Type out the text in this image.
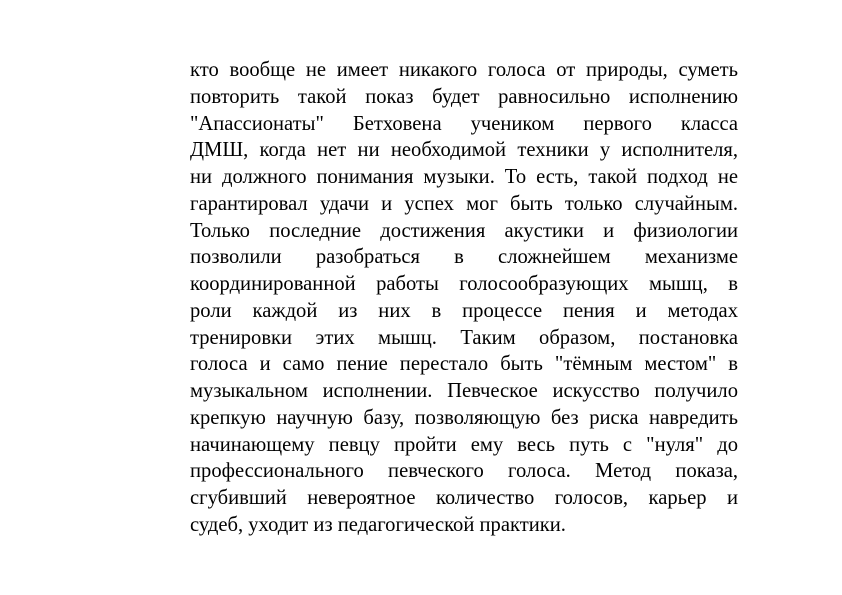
кто вообще не имеет никакого голоса от природы, суметь
повторить такой показ будет равносильно исполнению
"Апассионаты" Бетховена учеником первого класса
ДМШ, когда нет ни необходимой техники у исполнителя,
ни должного понимания музыки. То есть, такой подход не
гарантировал удачи и успех мог быть только случайным.
Только последние достижения акустики и физиологии
позволили разобраться в сложнейшем механизме
координированной работы голосообразующих мышц, в
роли каждой из них в процессе пения и методах
тренировки этих мышц. Таким образом, постановка
голоса и само пение перестало быть "тёмным местом" в
музыкальном исполнении. Певческое искусство получило
крепкую научную базу, позволяющую без риска навредить
начинающему певцу пройти ему весь путь с "нуля" до
профессионального певческого голоса. Метод показа,
сгубивший невероятное количество голосов, карьер и
судеб, уходит из педагогической практики.
